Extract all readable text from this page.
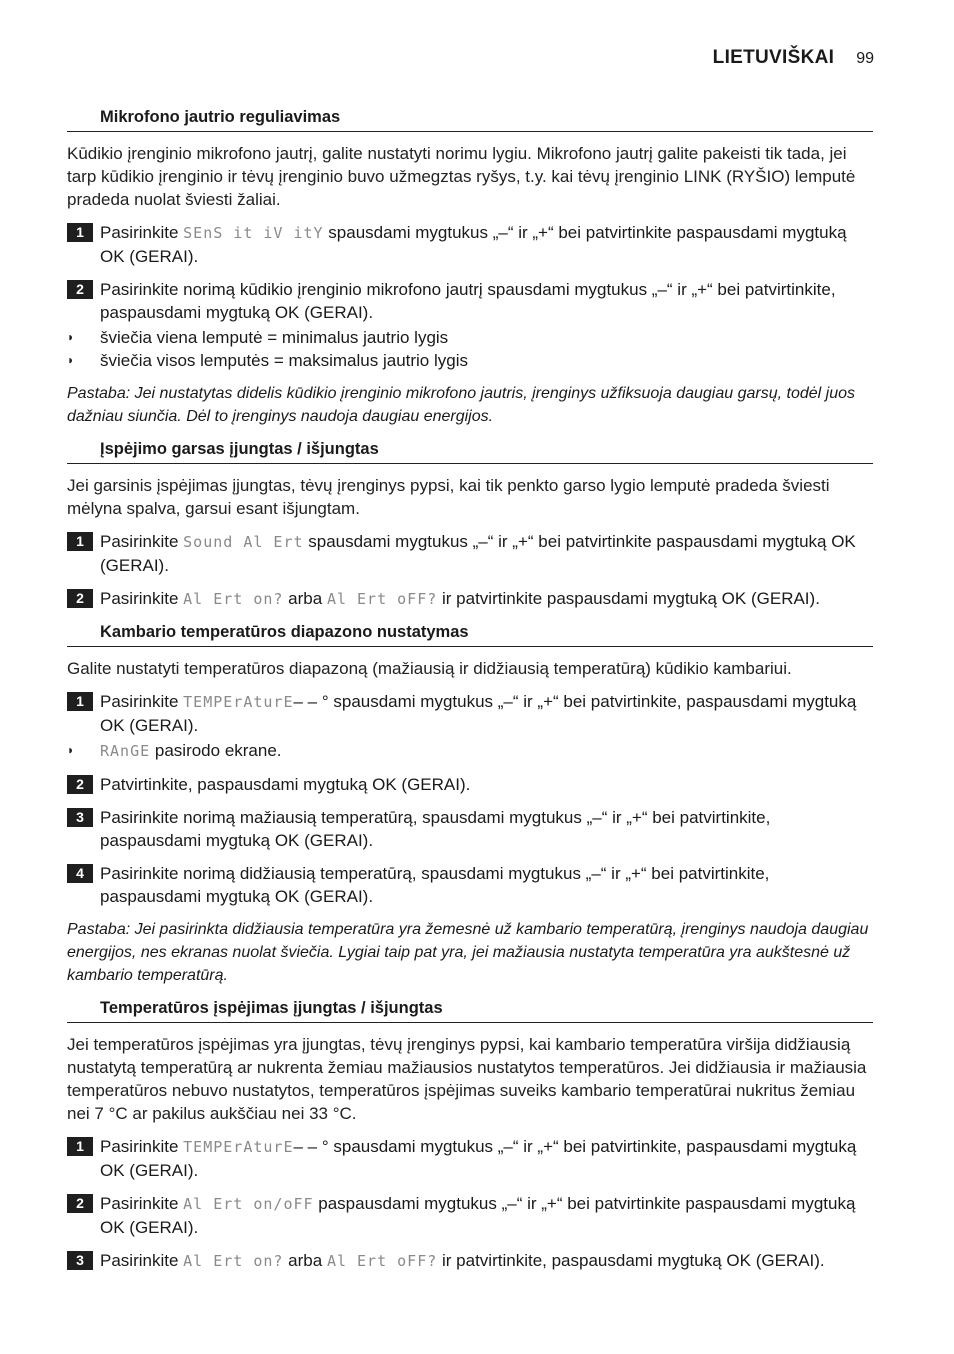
LIETUVIŠKAI 99
Mikrofono jautrio reguliavimas

Kūdikio įrenginio mikrofono jautrį, galite nustatyti norimu lygiu. Mikrofono jautrį galite pakeisti tik tada, jei tarp kūdikio įrenginio ir tėvų įrenginio buvo užmegztas ryšys, t.y. kai tėvų įrenginio LINK (RYŠIO) lemputė pradeda nuolat šviesti žaliai.

1 Pasirinkite SEnS it iV itY spausdami mygtukus „–“ ir „+“ bei patvirtinkite paspausdami mygtuką OK (GERAI).
2 Pasirinkite norimą kūdikio įrenginio mikrofono jautrį spausdami mygtukus „–“ ir „+“ bei patvirtinkite, paspausdami mygtuką OK (GERAI).
◗	šviečia viena lemputė = minimalus jautrio lygis
◗	šviečia visos lemputės = maksimalus jautrio lygis

Pastaba: Jei nustatytas didelis kūdikio įrenginio mikrofono jautris, įrenginys užfiksuoja daugiau garsų, todėl juos dažniau siunčia. Dėl to įrenginys naudoja daugiau energijos.

Įspėjimo garsas įjungtas / išjungtas

Jei garsinis įspėjimas įjungtas, tėvų įrenginys pypsi, kai tik penkto garso lygio lemputė pradeda šviesti mėlyna spalva, garsui esant išjungtam.

1 Pasirinkite Sound Al Ert spausdami mygtukus „–“ ir „+“ bei patvirtinkite paspausdami mygtuką OK (GERAI).
2 Pasirinkite Al Ert on? arba Al Ert oFF? ir patvirtinkite paspausdami mygtuką OK (GERAI).
Kambario temperatūros diapazono nustatymas

Galite nustatyti temperatūros diapazoną (mažiausią ir didžiausią temperatūrą) kūdikio kambariui.

1 Pasirinkite TEMPErAturE– – ° spausdami mygtukus „–“ ir „+“ bei patvirtinkite, paspausdami mygtuką OK (GERAI).
◗	RAnGE pasirodo ekrane.
2 Patvirtinkite, paspausdami mygtuką OK (GERAI).
3 Pasirinkite norimą mažiausią temperatūrą, spausdami mygtukus „–“ ir „+“ bei patvirtinkite, paspausdami mygtuką OK (GERAI).
4 Pasirinkite norimą didžiausią temperatūrą, spausdami mygtukus „–“ ir „+“ bei patvirtinkite, paspausdami mygtuką OK (GERAI).

Pastaba: Jei pasirinkta didžiausia temperatūra yra žemesnė už kambario temperatūrą, įrenginys naudoja daugiau energijos, nes ekranas nuolat šviečia. Lygiai taip pat yra, jei mažiausia nustatyta temperatūra yra aukštesnė už kambario temperatūrą.

Temperatūros įspėjimas įjungtas / išjungtas

Jei temperatūros įspėjimas yra įjungtas, tėvų įrenginys pypsi, kai kambario temperatūra viršija didžiausią nustatytą temperatūrą ar nukrenta žemiau mažiausios nustatytos temperatūros. Jei didžiausia ir mažiausia temperatūros nebuvo nustatytos, temperatūros įspėjimas suveiks kambario temperatūrai nukritus žemiau nei 7 °C ar pakilus aukščiau nei 33 °C.

1 Pasirinkite TEMPErAturE– – ° spausdami mygtukus „–“ ir „+“ bei patvirtinkite, paspausdami mygtuką OK (GERAI).
2 Pasirinkite Al Ert on/oFF paspausdami mygtukus „–“ ir „+“ bei patvirtinkite paspausdami mygtuką OK (GERAI).
3 Pasirinkite Al Ert on? arba Al Ert oFF? ir patvirtinkite, paspausdami mygtuką OK (GERAI).
